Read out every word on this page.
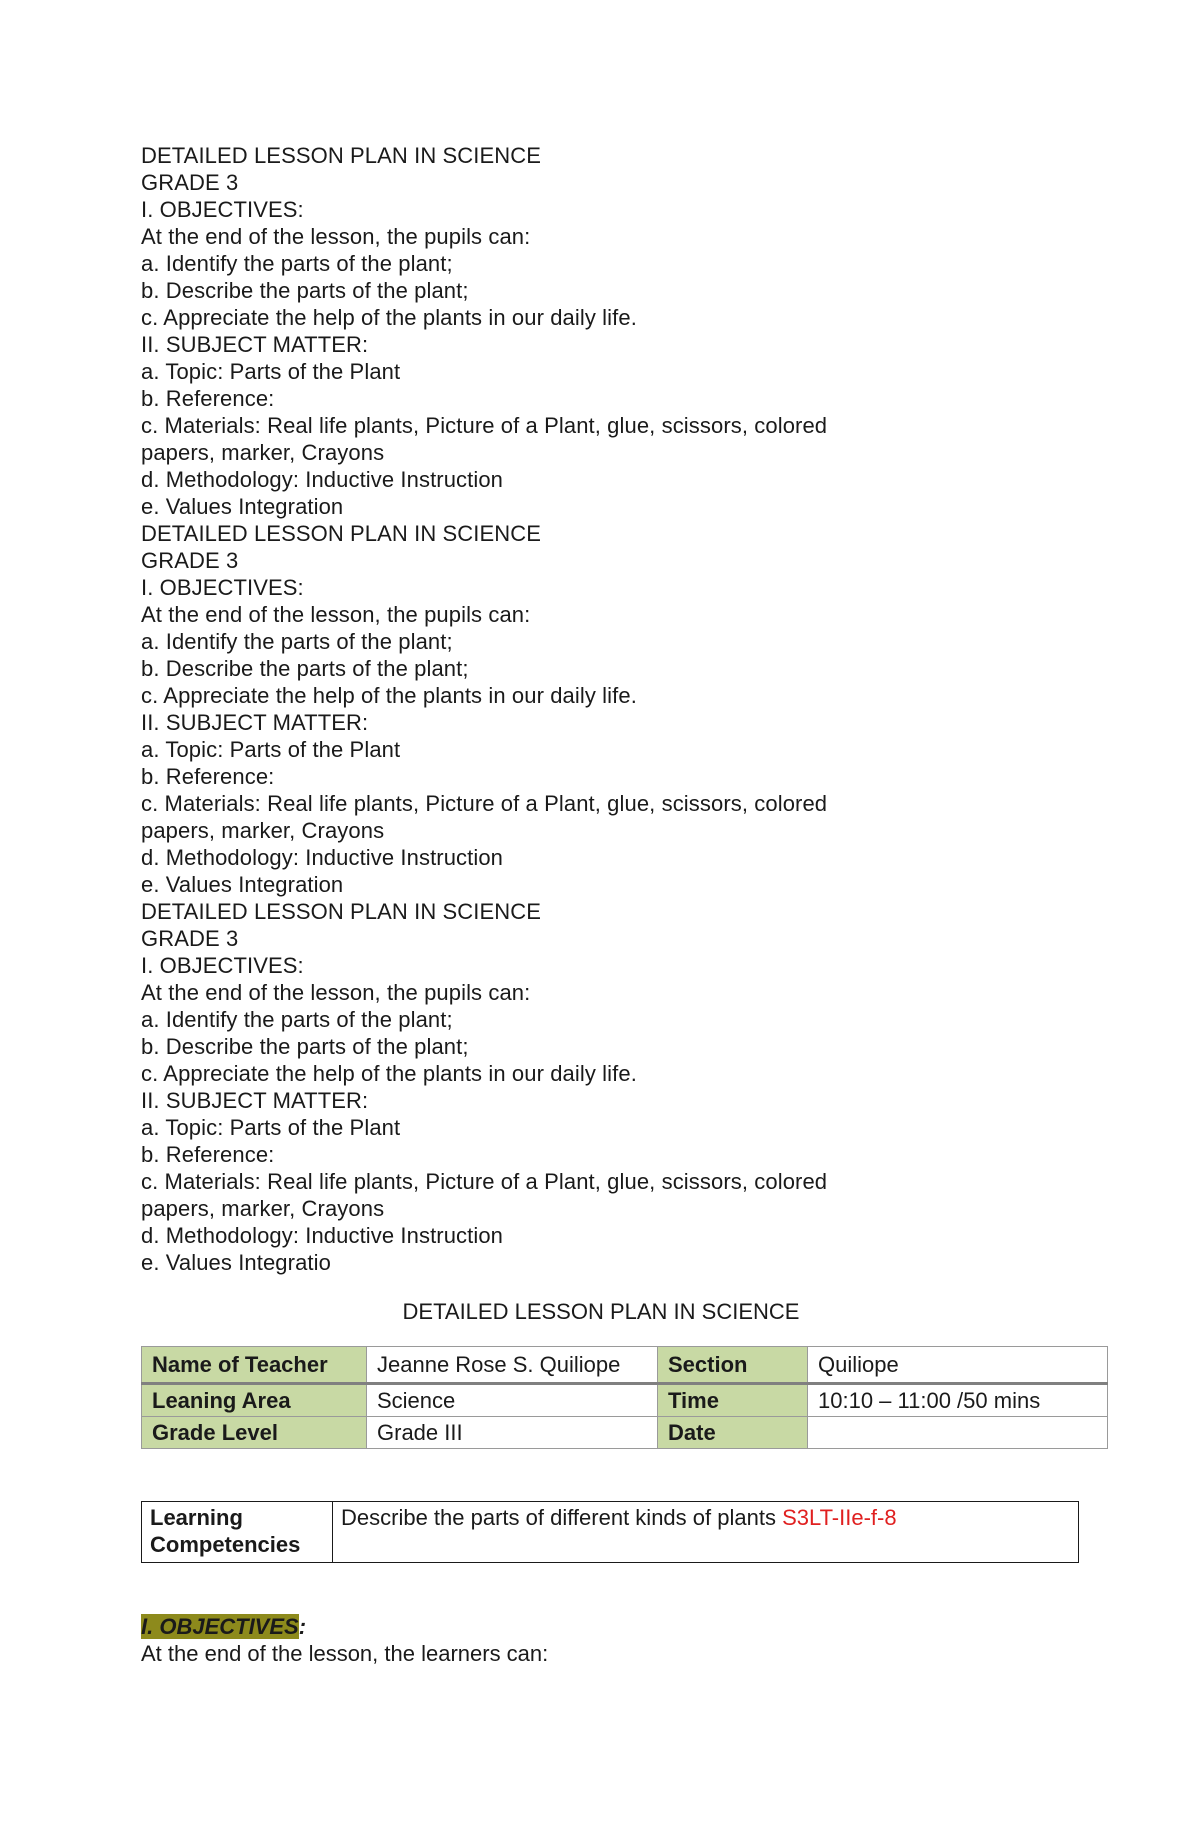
DETAILED LESSON PLAN IN SCIENCE
GRADE 3
I. OBJECTIVES:
At the end of the lesson, the pupils can:
a. Identify the parts of the plant;
b. Describe the parts of the plant;
c. Appreciate the help of the plants in our daily life.
II. SUBJECT MATTER:
a. Topic: Parts of the Plant
b. Reference:
c. Materials: Real life plants, Picture of a Plant, glue, scissors, colored
papers, marker, Crayons
d. Methodology: Inductive Instruction
e. Values Integration
DETAILED LESSON PLAN IN SCIENCE
GRADE 3
I. OBJECTIVES:
At the end of the lesson, the pupils can:
a. Identify the parts of the plant;
b. Describe the parts of the plant;
c. Appreciate the help of the plants in our daily life.
II. SUBJECT MATTER:
a. Topic: Parts of the Plant
b. Reference:
c. Materials: Real life plants, Picture of a Plant, glue, scissors, colored
papers, marker, Crayons
d. Methodology: Inductive Instruction
e. Values Integration
DETAILED LESSON PLAN IN SCIENCE
GRADE 3
I. OBJECTIVES:
At the end of the lesson, the pupils can:
a. Identify the parts of the plant;
b. Describe the parts of the plant;
c. Appreciate the help of the plants in our daily life.
II. SUBJECT MATTER:
a. Topic: Parts of the Plant
b. Reference:
c. Materials: Real life plants, Picture of a Plant, glue, scissors, colored
papers, marker, Crayons
d. Methodology: Inductive Instruction
e. Values Integratio
DETAILED LESSON PLAN IN SCIENCE
Name of Teacher	Jeanne Rose S. Quiliope	Section	Quiliope
Leaning Area	Science	Time	10:10 – 11:00 /50 mins
Grade Level	Grade III	Date	
Learning
Competencies
	Describe the parts of different kinds of plants S3LT-IIe-f-8
I. OBJECTIVES:
At the end of the lesson, the learners can:
